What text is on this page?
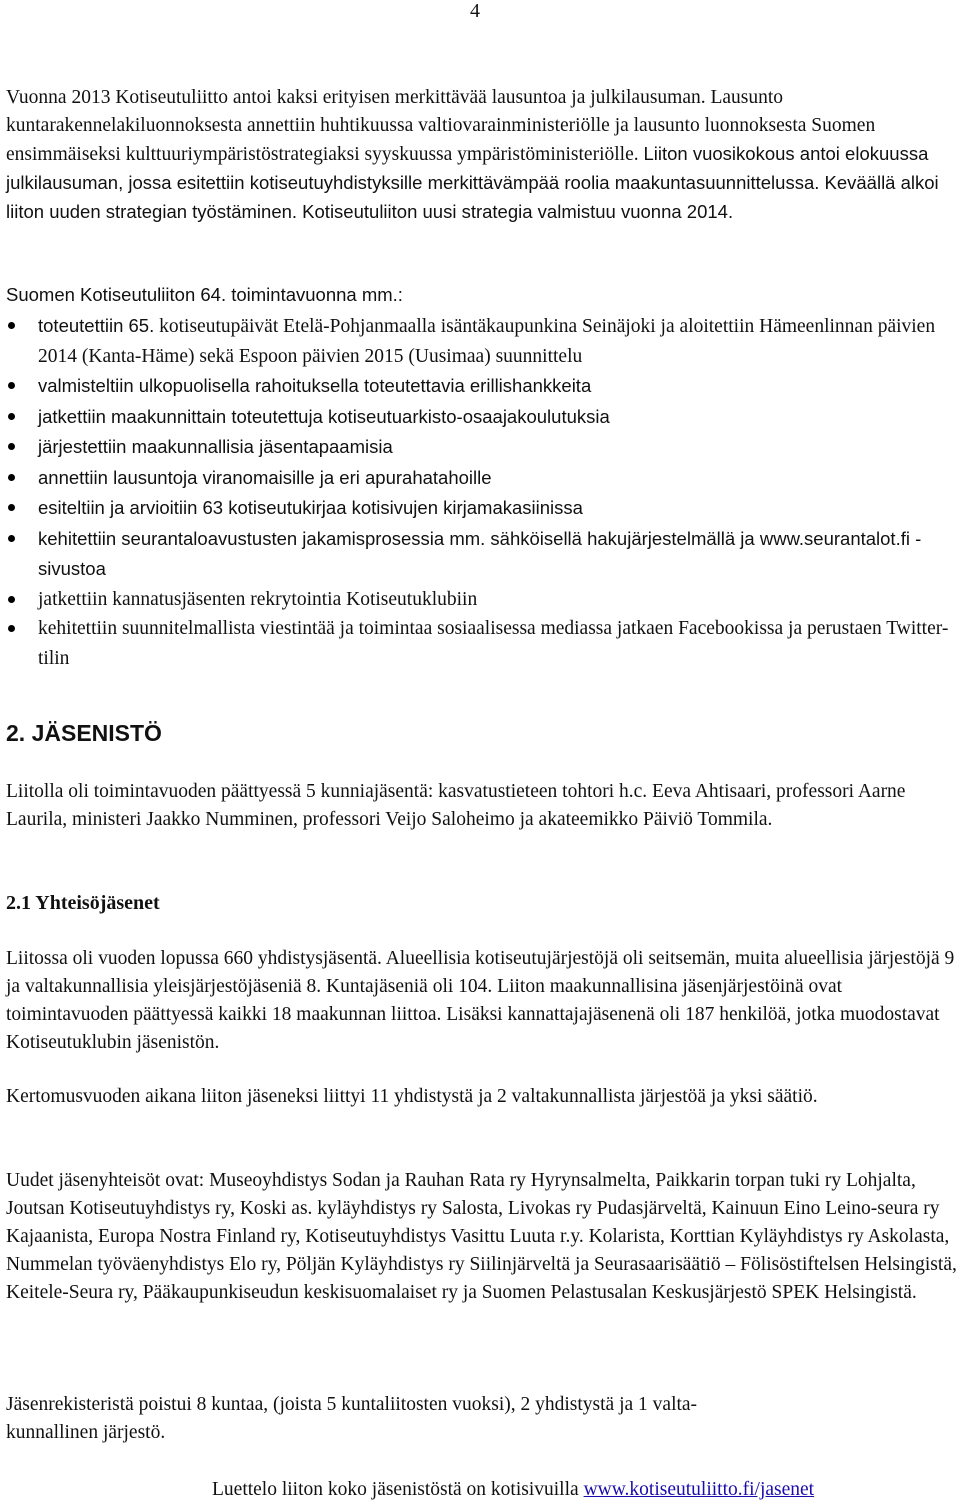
4

Vuonna 2013 Kotiseutuliitto antoi kaksi erityisen merkittävää lausuntoa ja julkilausuman. Lausunto kuntarakennelakiluonnoksesta annettiin huhtikuussa valtiovarainministeriölle ja lausunto luonnoksesta Suomen ensimmäiseksi kulttuuriympäristöstrategiaksi syyskuussa ympäristöministeriölle. Liiton vuosikokous antoi elokuussa julkilausuman, jossa esitettiin kotiseutuyhdistyksille merkittävämpää roolia maakuntasuunnittelussa. Keväällä alkoi liiton uuden strategian työstäminen. Kotiseutuliiton uusi strategia valmistuu vuonna 2014.

Suomen Kotiseutuliiton 64. toimintavuonna mm.:

toteutettiin 65. kotiseutupäivät Etelä-Pohjanmaalla isäntäkaupunkina Seinäjoki ja aloitettiin Hämeenlinnan päivien 2014 (Kanta-Häme) sekä Espoon päivien 2015 (Uusimaa) suunnittelu
valmisteltiin ulkopuolisella rahoituksella toteutettavia erillishankkeita
jatkettiin maakunnittain toteutettuja kotiseutuarkisto-osaajakoulutuksia
järjestettiin maakunnallisia jäsentapaamisia
annettiin lausuntoja viranomaisille ja eri apurahatahoille
esiteltiin ja arvioitiin 63 kotiseutukirjaa kotisivujen kirjamakasiinissa
kehitettiin seurantaloavustusten jakamisprosessia mm. sähköisellä hakujärjestelmällä ja www.seurantalot.fi -sivustoa
jatkettiin kannatusjäsenten rekrytointia Kotiseutuklubiin
kehitettiin suunnitelmallista viestintää ja toimintaa sosiaalisessa mediassa jatkaen Facebookissa ja perustaen Twitter-tilin
2. JÄSENISTÖ

Liitolla oli toimintavuoden päättyessä 5 kunniajäsentä: kasvatustieteen tohtori h.c. Eeva Ahtisaari, professori Aarne Laurila, ministeri Jaakko Numminen, professori Veijo Saloheimo ja akateemikko Päiviö Tommila.

2.1 Yhteisöjäsenet

Liitossa oli vuoden lopussa 660 yhdistysjäsentä. Alueellisia kotiseutujärjestöjä oli seitsemän, muita alueellisia järjestöjä 9 ja valtakunnallisia yleisjärjestöjäseniä 8. Kuntajäseniä oli 104. Liiton maakunnallisina jäsenjärjestöinä ovat toimintavuoden päättyessä kaikki 18 maakunnan liittoa. Lisäksi kannattajajäsenenä oli 187 henkilöä, jotka muodostavat Kotiseutuklubin jäsenistön.

Kertomusvuoden aikana liiton jäseneksi liittyi 11 yhdistystä ja 2 valtakunnallista järjestöä ja yksi säätiö.

Uudet jäsenyhteisöt ovat: Museoyhdistys Sodan ja Rauhan Rata ry Hyrynsalmelta, Paikkarin torpan tuki ry Lohjalta, Joutsan Kotiseutuyhdistys ry, Koski as. kyläyhdistys ry Salosta, Livokas ry Pudasjärveltä, Kainuun Eino Leino-seura ry Kajaanista, Europa Nostra Finland ry, Kotiseutuyhdistys Vasittu Luuta r.y. Kolarista, Korttian Kyläyhdistys ry Askolasta, Nummelan työväenyhdistys Elo ry, Pöljän Kyläyhdistys ry Siilinjärveltä ja Seurasaarisäätiö – Fölisöstiftelsen Helsingistä, Keitele-Seura ry, Pääkaupunkiseudun keskisuomalaiset ry ja Suomen Pelastusalan Keskusjärjestö SPEK Helsingistä.

Jäsenrekisteristä poistui 8 kuntaa, (joista 5 kuntaliitosten vuoksi), 2 yhdistystä ja 1 valta-
kunnallinen järjestö.

Luettelo liiton koko jäsenistöstä on kotisivuilla www.kotiseutuliitto.fi/jasenet
